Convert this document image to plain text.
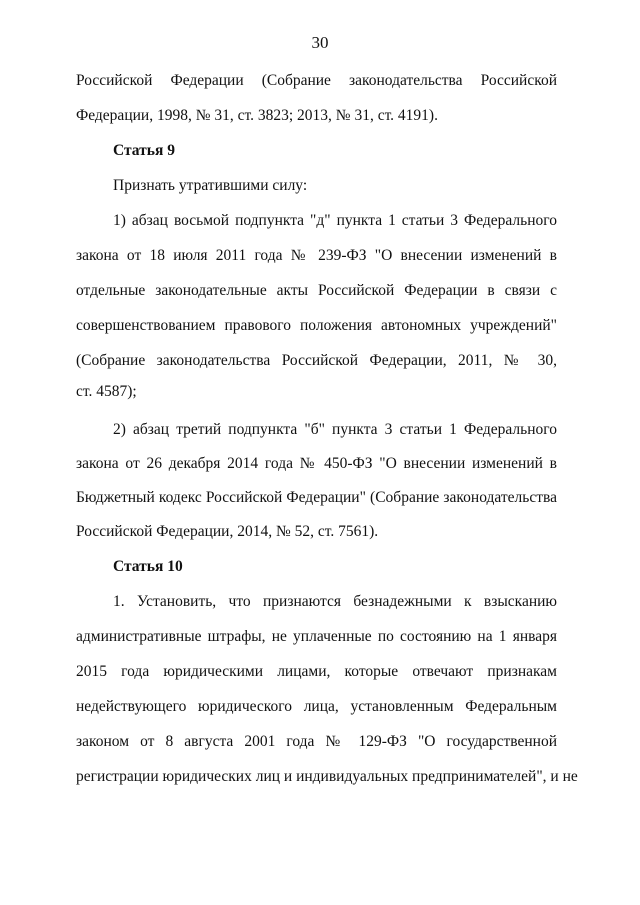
30
Российской Федерации (Собрание законодательства Российской
Федерации, 1998, № 31, ст. 3823; 2013, № 31, ст. 4191).
Статья 9
Признать утратившими силу:
1) абзац восьмой подпункта "д" пункта 1 статьи 3 Федерального
закона от 18 июля 2011 года № 239-ФЗ "О внесении изменений в
отдельные законодательные акты Российской Федерации в связи с
совершенствованием правового положения автономных учреждений"
(Собрание законодательства Российской Федерации, 2011, № 30,
ст. 4587);
2) абзац третий подпункта "б" пункта 3 статьи 1 Федерального
закона от 26 декабря 2014 года № 450-ФЗ "О внесении изменений в
Бюджетный кодекс Российской Федерации" (Собрание законодательства
Российской Федерации, 2014, № 52, ст. 7561).
Статья 10
1. Установить, что признаются безнадежными к взысканию
административные штрафы, не уплаченные по состоянию на 1 января
2015 года юридическими лицами, которые отвечают признакам
недействующего юридического лица, установленным Федеральным
законом от 8 августа 2001 года № 129-ФЗ "О государственной
регистрации юридических лиц и индивидуальных предпринимателей", и не
